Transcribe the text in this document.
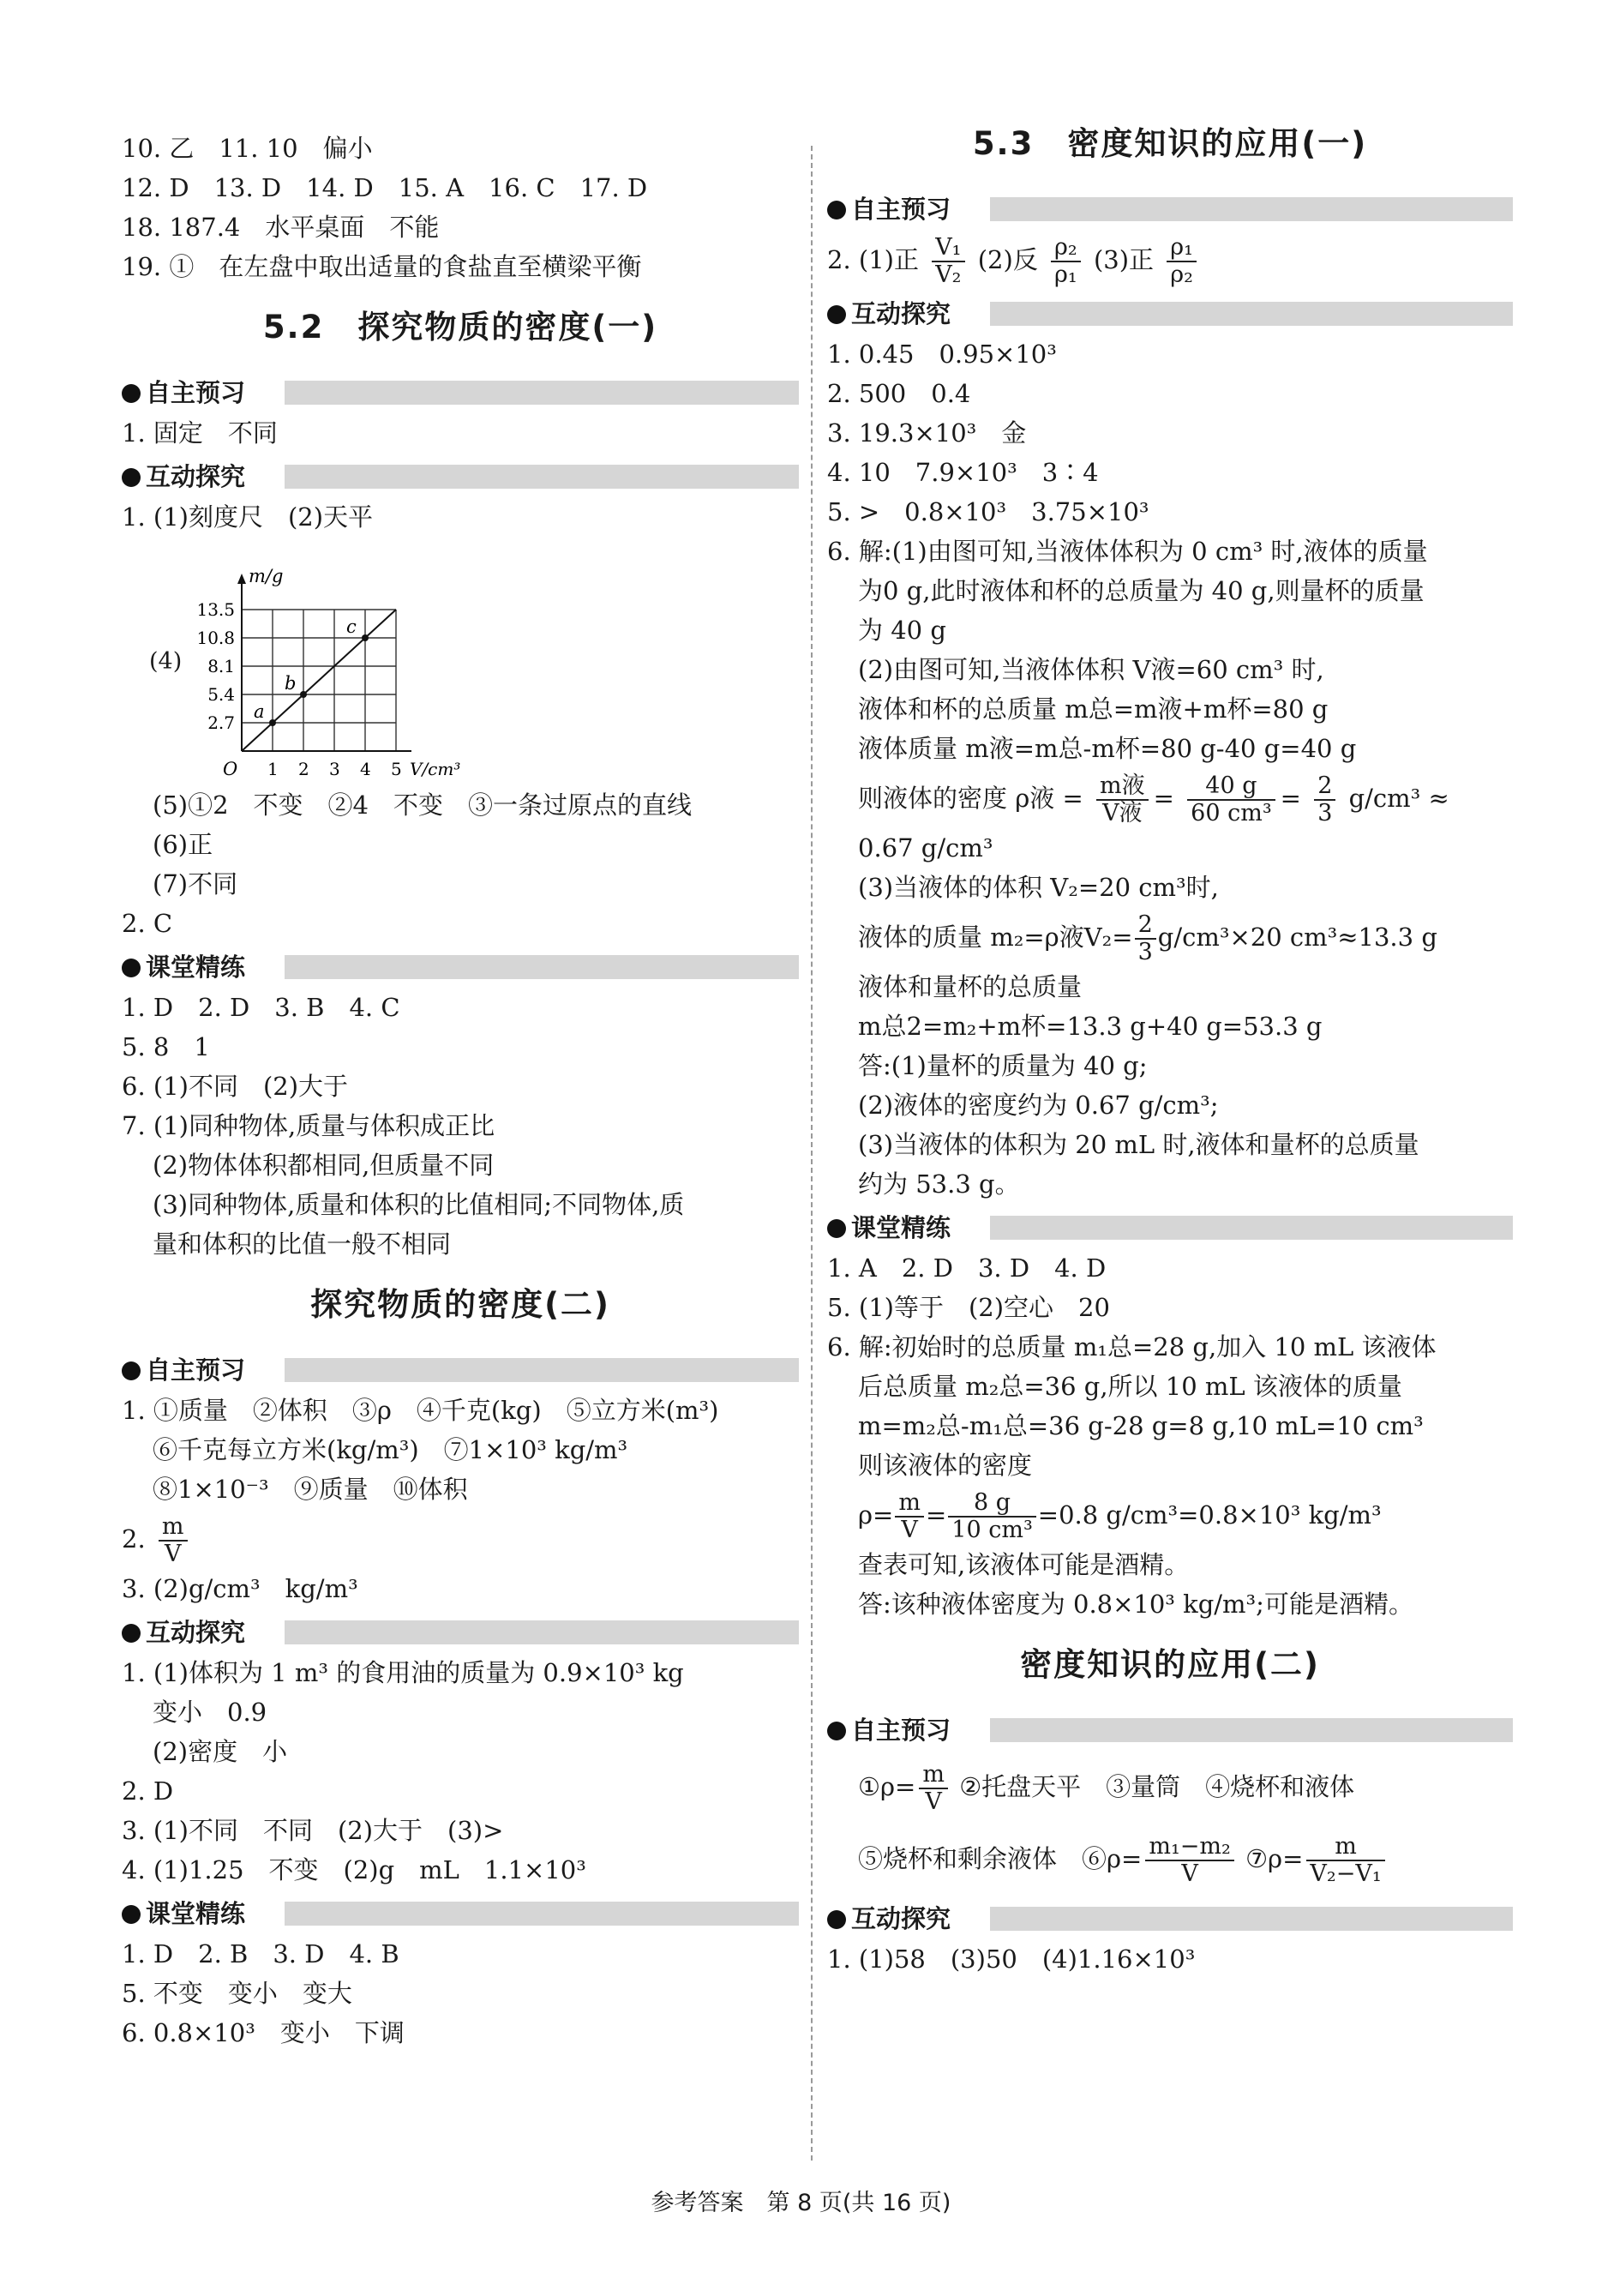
10. 乙　11. 10　偏小
12. D　13. D　14. D　15. A　16. C　17. D
18. 187.4　水平桌面　不能
19. ①　在左盘中取出适量的食盐直至横梁平衡
5.2　探究物质的密度(一)
自主预习
1. 固定　不同
互动探究
1. (1)刻度尺　(2)天平
(4)
1 2 3 4 5
2.7
5.4
8.1
10.8
13.5
O	V/cm³
m/g
a
b
c
(5)①2　不变　②4　不变　③一条过原点的直线
(6)正
(7)不同
2. C
课堂精练
1. D　2. D　3. B　4. C
5. 8　1
6. (1)不同　(2)大于
7. (1)同种物体,质量与体积成正比
(2)物体体积都相同,但质量不同
(3)同种物体,质量和体积的比值相同;不同物体,质
量和体积的比值一般不相同
探究物质的密度(二)
自主预习
1. ①质量　②体积　③ρ　④千克(kg)　⑤立方米(m³)
⑥千克每立方米(kg/m³)　⑦1×10³ kg/m³
⑧1×10⁻³　⑨质量　⑩体积
2. $\frac{m}{V}$
3. (2)g/cm³　kg/m³
互动探究
1. (1)体积为 1 m³ 的食用油的质量为 0.9×10³ kg
变小　0.9
(2)密度　小
2. D
3. (1)不同　不同　(2)大于　(3)>
4. (1)1.25　不变　(2)g　mL　1.1×10³
课堂精练
1. D　2. B　3. D　4. B
5. 不变　变小　变大
6. 0.8×10³　变小　下调
5.3　密度知识的应用(一)
自主预习
2. (1)正 $\frac{\text{V₁}}{\text{V₂}} (2)$反 $\frac{\text{ρ₂}}{\text{ρ₁}} (3)$正 $\frac{\text{ρ₁}}{\text{ρ₂}}$
互动探究
1. 0.45　0.95×10³
2. 500　0.4
3. 19.3×10³　金
4. 10　7.9×10³　3∶4
5. >　0.8×10³　3.75×10³
6. 解:(1)由图可知,当液体体积为 0 cm³ 时,液体的质量
为0 g,此时液体和杯的总质量为 40 g,则量杯的质量
为 40 g
(2)由图可知,当液体体积 V液=60 cm³ 时,
液体和杯的总质量 m总=m液+m杯=80 g
液体质量 m液=m总-m杯=80 g-40 g=40 g
则液体的密度 ρ液 = $\frac{\text{m液}}{\text{V液}} = \frac{40 g}{\text{60 cm³}} = \frac{2}{3} g/cm^3$ ≈
0.67 g/cm³
(3)当液体的体积 V₂=20 cm³时,
液体的质量 m₂=ρ液$V_2= \frac{2}{3} g/cm^3\times 20$ cm³≈13.3 g
液体和量杯的总质量
m总2=m₂+m杯=13.3 g+40 g=53.3 g
答:(1)量杯的质量为 40 g;
(2)液体的密度约为 0.67 g/cm³;
(3)当液体的体积为 20 mL 时,液体和量杯的总质量
约为 53.3 g。
课堂精练
1. A　2. D　3. D　4. D
5. (1)等于　(2)空心　20
6. 解:初始时的总质量 m₁总=28 g,加入 10 mL 该液体
后总质量 m₂总=36 g,所以 10 mL 该液体的质量
m=m₂总-m₁总=36 g-28 g=8 g,10 mL=10 cm³
则该液体的密度
$\rho= \frac{m}{V} = \frac{8 g}{\text{10 cm³}} =0.8$ g/cm³=0.8×10³ kg/m³
查表可知,该液体可能是酒精。
答:该种液体密度为 0.8×10³ kg/m³;可能是酒精。
密度知识的应用(二)
自主预习
①ρ= $\frac{m}{V}$ ②托盘天平　③量筒　④烧杯和液体
⑤烧杯和剩余液体　⑥ρ= $\frac{\text{m₁−m₂}}{V}$ ⑦ρ= $\frac{m}{\text{V₂−V₁}}$
互动探究
1. (1)58　(3)50　(4)1.16×10³
参考答案　第 8 页(共 16 页)
